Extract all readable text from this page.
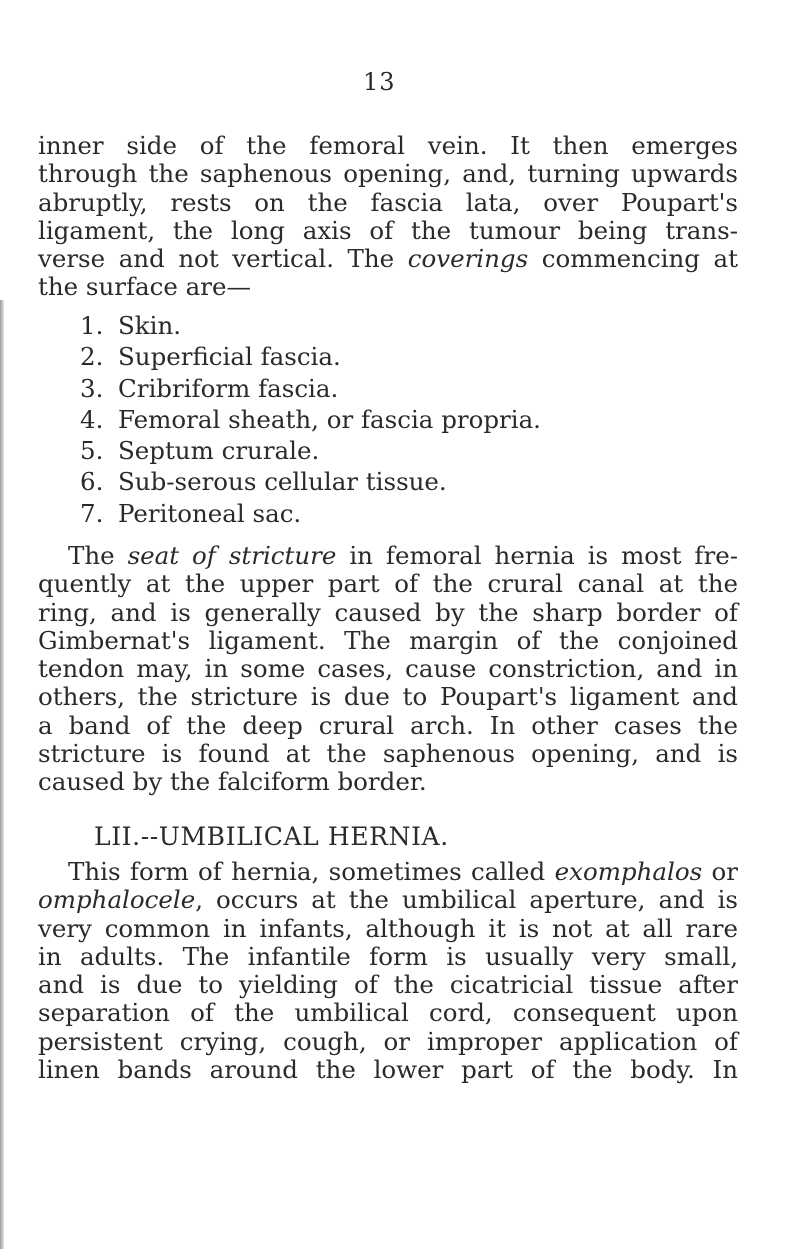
13
inner side of the femoral vein. It then emerges
through the saphenous opening, and, turning upwards
abruptly, rests on the fascia lata, over Poupart's
ligament, the long axis of the tumour being trans-
verse and not vertical. The coverings commencing at
the surface are—
1. Skin.
2. Superficial fascia.
3. Cribriform fascia.
4. Femoral sheath, or fascia propria.
5. Septum crurale.
6. Sub-serous cellular tissue.
7. Peritoneal sac.
The seat of stricture in femoral hernia is most fre-
quently at the upper part of the crural canal at the
ring, and is generally caused by the sharp border of
Gimbernat's ligament. The margin of the conjoined
tendon may, in some cases, cause constriction, and in
others, the stricture is due to Poupart's ligament and
a band of the deep crural arch. In other cases the
stricture is found at the saphenous opening, and is
caused by the falciform border.
LII.--UMBILICAL HERNIA.
This form of hernia, sometimes called exomphalos or
omphalocele, occurs at the umbilical aperture, and is
very common in infants, although it is not at all rare
in adults. The infantile form is usually very small,
and is due to yielding of the cicatricial tissue after
separation of the umbilical cord, consequent upon
persistent crying, cough, or improper application of
linen bands around the lower part of the body. In
